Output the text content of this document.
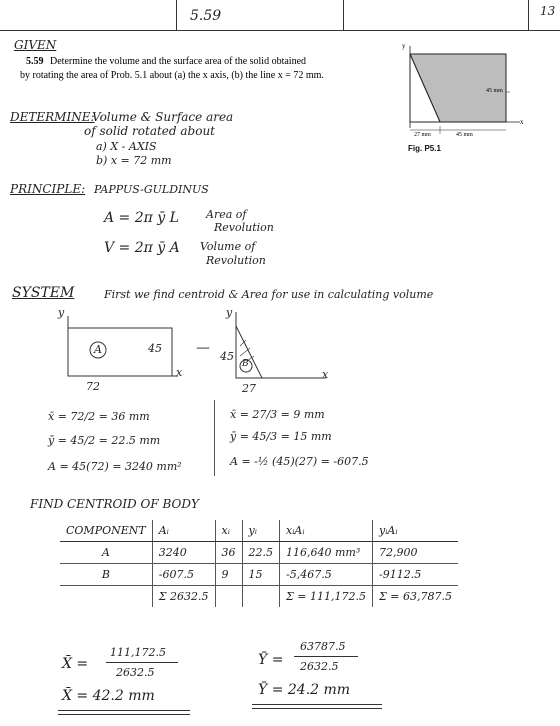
5.59	13
GIVEN
5.59 Determine the volume and the surface area of the solid obtained
by rotating the area of Prob. 5.1 about (a) the x axis, (b) the line x = 72 mm.
y
x
45 mm
27 mm	45 mm
Fig. P5.1
DETERMINE:
Volume & Surface area
of solid rotated about
a) X - AXIS
b) x = 72 mm
PRINCIPLE: PAPPUS-GULDINUS
A = 2π ȳ L Area of
Revolution
V = 2π ȳ A Volume of
Revolution
SYSTEM	First we find centroid & Area for use in calculating volume
y
A	45
x
72
—
y
B
45
x
27
x̄ = 72/2 = 36 mm
ȳ = 45/2 = 22.5 mm
A = 45(72) = 3240 mm²
x̄ = 27/3 = 9 mm
ȳ = 45/3 = 15 mm
A = -½ (45)(27) = -607.5
FIND CENTROID OF BODY
COMPONENT	Aᵢ	xᵢ	yᵢ	xᵢAᵢ	yᵢAᵢ
A	3240	36	22.5	116,640 mm³	72,900
B	-607.5	9	15	-5,467.5	-9112.5
	Σ 2632.5			Σ = 111,172.5	Σ = 63,787.5
X̄ =
111,172.5
2632.5
X̄ = 42.2 mm
Ȳ =
63787.5
2632.5
Ȳ = 24.2 mm
